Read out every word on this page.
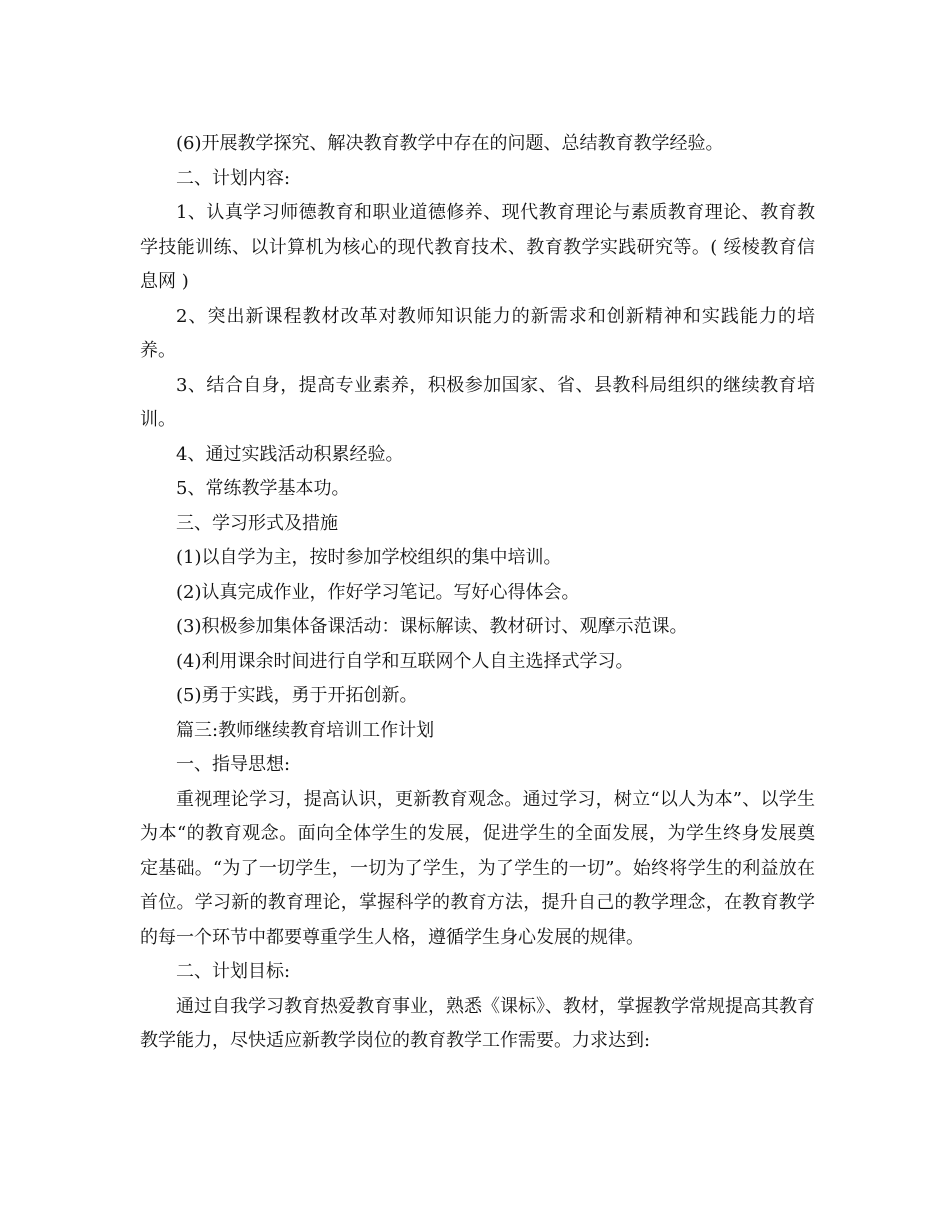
(6)开展教学探究、解决教育教学中存在的问题、总结教育教学经验。

二、计划内容:

1、认真学习师德教育和职业道德修养、现代教育理论与素质教育理论、教育教学技能训练、以计算机为核心的现代教育技术、教育教学实践研究等。( 绥棱教育信息网 )

2、突出新课程教材改革对教师知识能力的新需求和创新精神和实践能力的培养。

3、结合自身，提高专业素养，积极参加国家、省、县教科局组织的继续教育培训。

4、通过实践活动积累经验。

5、常练教学基本功。

三、学习形式及措施

(1)以自学为主，按时参加学校组织的集中培训。

(2)认真完成作业，作好学习笔记。写好心得体会。

(3)积极参加集体备课活动：课标解读、教材研讨、观摩示范课。

(4)利用课余时间进行自学和互联网个人自主选择式学习。

(5)勇于实践，勇于开拓创新。

篇三:教师继续教育培训工作计划

一、指导思想:

重视理论学习，提高认识，更新教育观念。通过学习，树立“以人为本”、以学生为本“的教育观念。面向全体学生的发展，促进学生的全面发展，为学生终身发展奠定基础。“为了一切学生，一切为了学生，为了学生的一切”。始终将学生的利益放在首位。学习新的教育理论，掌握科学的教育方法，提升自己的教学理念，在教育教学的每一个环节中都要尊重学生人格，遵循学生身心发展的规律。

二、计划目标:

通过自我学习教育热爱教育事业，熟悉《课标》、教材，掌握教学常规提高其教育教学能力，尽快适应新教学岗位的教育教学工作需要。力求达到:
